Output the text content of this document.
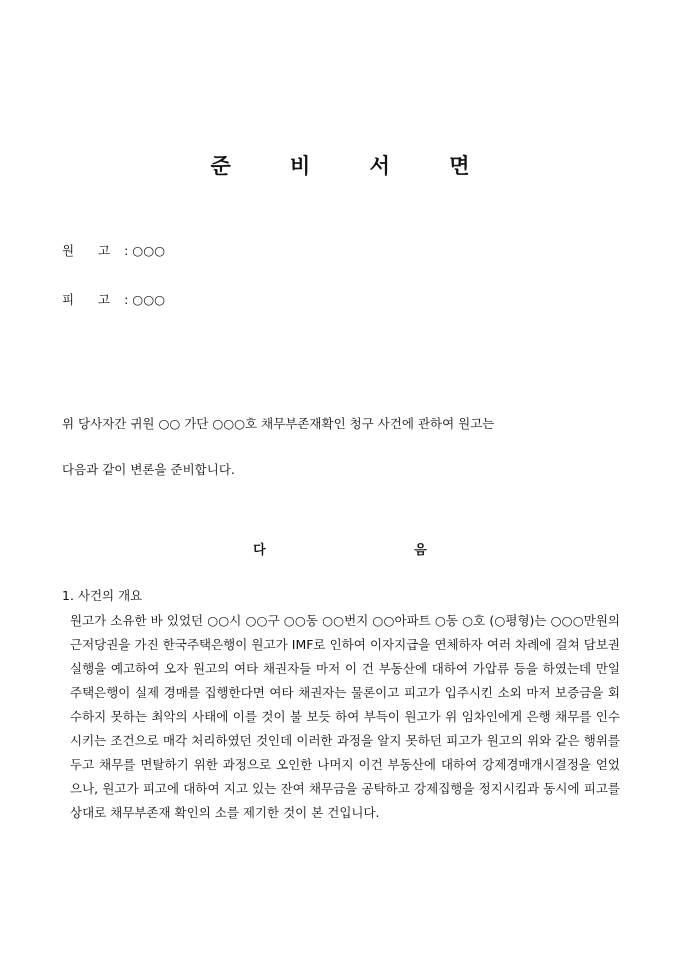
준 비 서 면
원 고 : ○○○
피 고 : ○○○
위 당사자간 귀원 ○○ 가단 ○○○호 채무부존재확인 청구 사건에 관하여 원고는
다음과 같이 변론을 준비합니다.
다 음
1. 사건의 개요

원고가 소유한 바 있었던 ○○시 ○○구 ○○동 ○○번지 ○○아파트 ○동 ○호 (○평형)는 ○○○만원의 근저당권을 가진 한국주택은행이 원고가 IMF로 인하여 이자지급을 연체하자 여러 차례에 걸쳐 담보권 실행을 예고하여 오자 원고의 여타 채권자들 마저 이 건 부동산에 대하여 가압류 등을 하였는데 만일 주택은행이 실제 경매를 집행한다면 여타 채권자는 물론이고 피고가 입주시킨 소외 마저 보증금을 회수하지 못하는 최악의 사태에 이를 것이 불 보듯 하여 부득이 원고가 위 임차인에게 은행 채무를 인수시키는 조건으로 매각 처리하였던 것인데 이러한 과정을 알지 못하던 피고가 원고의 위와 같은 행위를 두고 채무를 면탈하기 위한 과정으로 오인한 나머지 이건 부동산에 대하여 강제경매개시결정을 얻었으나, 원고가 피고에 대하여 지고 있는 잔여 채무금을 공탁하고 강제집행을 정지시킴과 동시에 피고를 상대로 채무부존재 확인의 소를 제기한 것이 본 건입니다.
